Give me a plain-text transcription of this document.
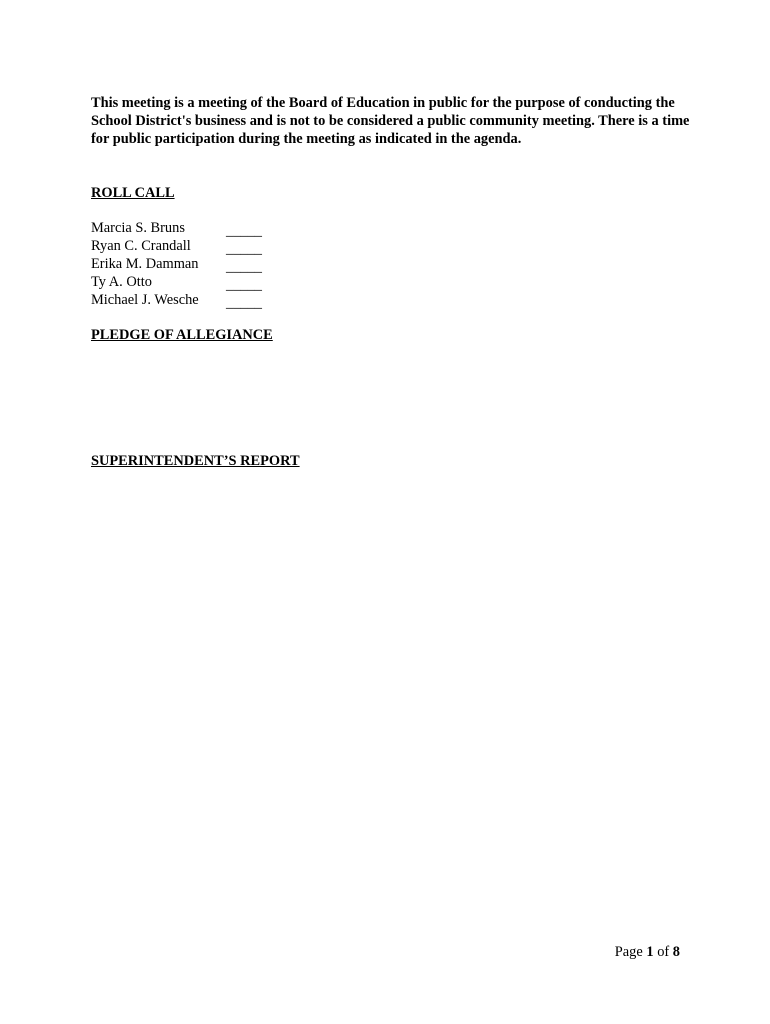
This meeting is a meeting of the Board of Education in public for the purpose of conducting the School District's business and is not to be considered a public community meeting. There is a time for public participation during the meeting as indicated in the agenda.

ROLL CALL

Marcia S. Bruns	_____
Ryan C. Crandall	_____
Erika M. Damman	_____
Ty A. Otto	_____
Michael J. Wesche	_____

PLEDGE OF ALLEGIANCE

SUPERINTENDENT’S REPORT

Page 1 of 8
